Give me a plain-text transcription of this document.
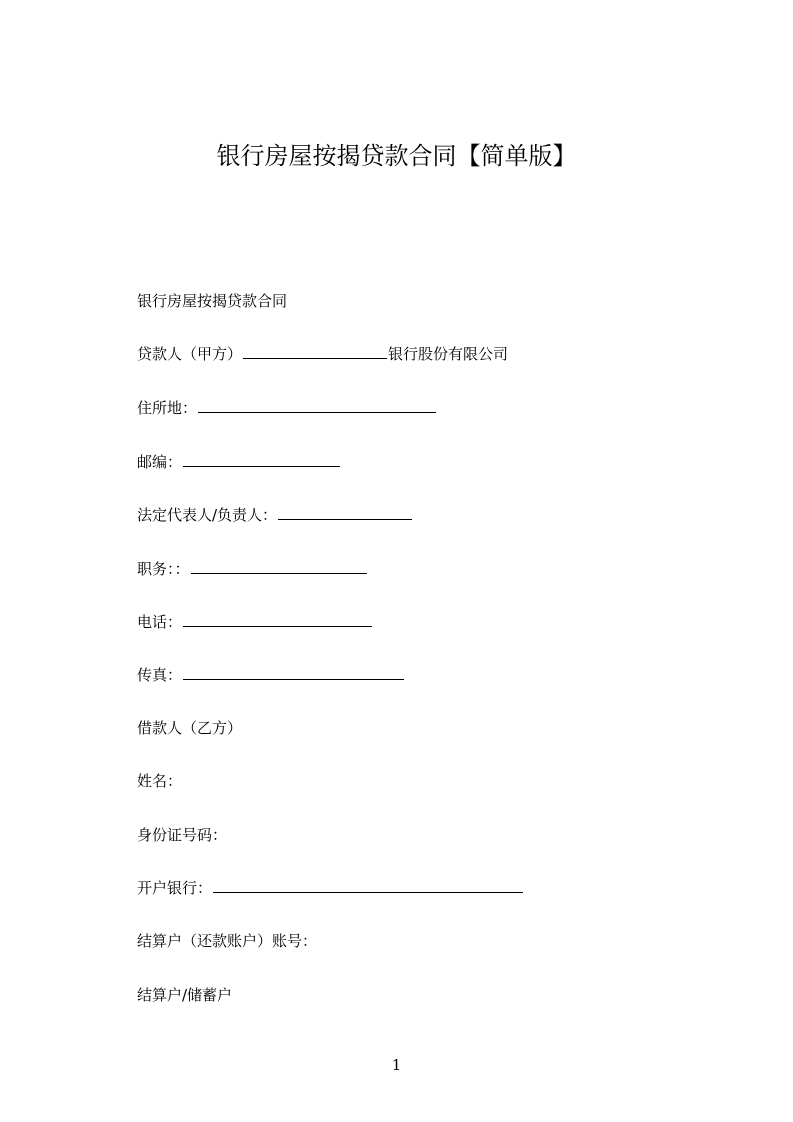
银行房屋按揭贷款合同【简单版】
银行房屋按揭贷款合同
贷款人（甲方）	银行股份有限公司
住所地：
邮编：
法定代表人/负责人：
职务：：
电话：
传真：
借款人（乙方）
姓名：
身份证号码：
开户银行：
结算户（还款账户）账号：
结算户/储蓄户
1
